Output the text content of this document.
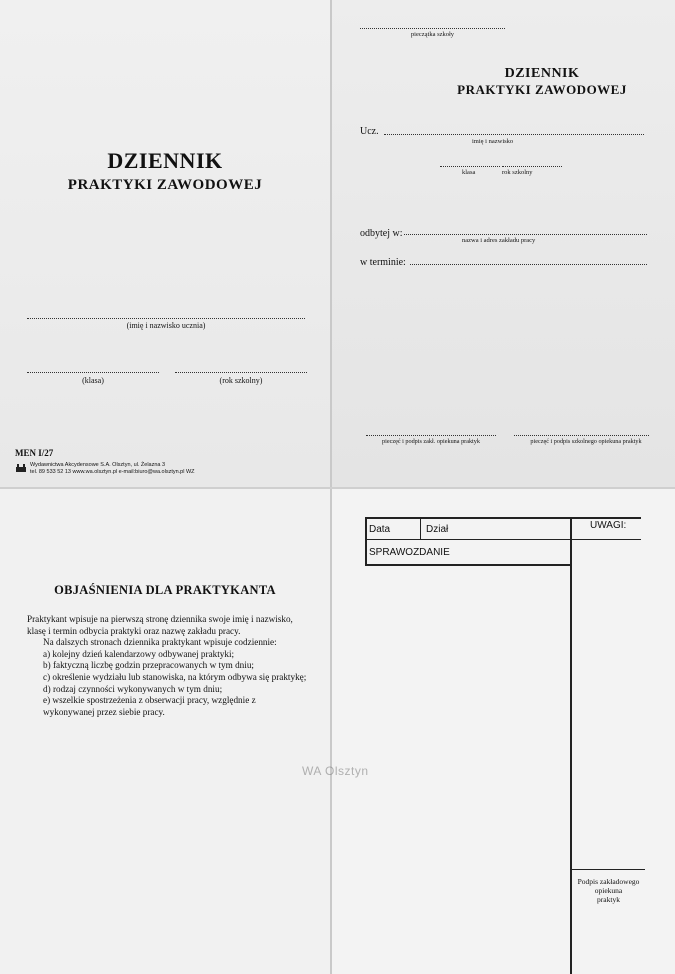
DZIENNIK
PRAKTYKI ZAWODOWEJ
(imię i nazwisko ucznia)
(klasa)	(rok szkolny)
MEN I/27
Wydawnictwa Akcydensowe S.A. Olsztyn, ul. Żelazna 3
tel. 89 533 52 13 www.wa.olsztyn.pl e-mail:biuro@wa.olsztyn.pl WZ
pieczątka szkoły
DZIENNIK
PRAKTYKI ZAWODOWEJ
Ucz.
imię i nazwisko
klasa	rok szkolny
odbytej w:
nazwa i adres zakładu pracy
w terminie:
pieczęć i podpis zakł. opiekuna praktyk	pieczęć i podpis szkolnego opiekuna praktyk
OBJAŚNIENIA DLA PRAKTYKANTA

Praktykant wpisuje na pierwszą stronę dziennika swoje imię i nazwisko, klasę i termin odbycia praktyki oraz nazwę zakładu pracy.

Na dalszych stronach dziennika praktykant wpisuje codziennie:

a) kolejny dzień kalendarzowy odbywanej praktyki;

b) faktyczną liczbę godzin przepracowanych w tym dniu;

c) określenie wydziału lub stanowiska, na którym odbywa się praktykę;

d) rodzaj czynności wykonywanych w tym dniu;

e) wszelkie spostrzeżenia z obserwacji pracy, względnie z wykonywanej przez siebie pracy.

Data	Dział	UWAGI:
SPRAWOZDANIE
Podpis zakładowego
opiekuna
praktyk
WA Olsztyn
